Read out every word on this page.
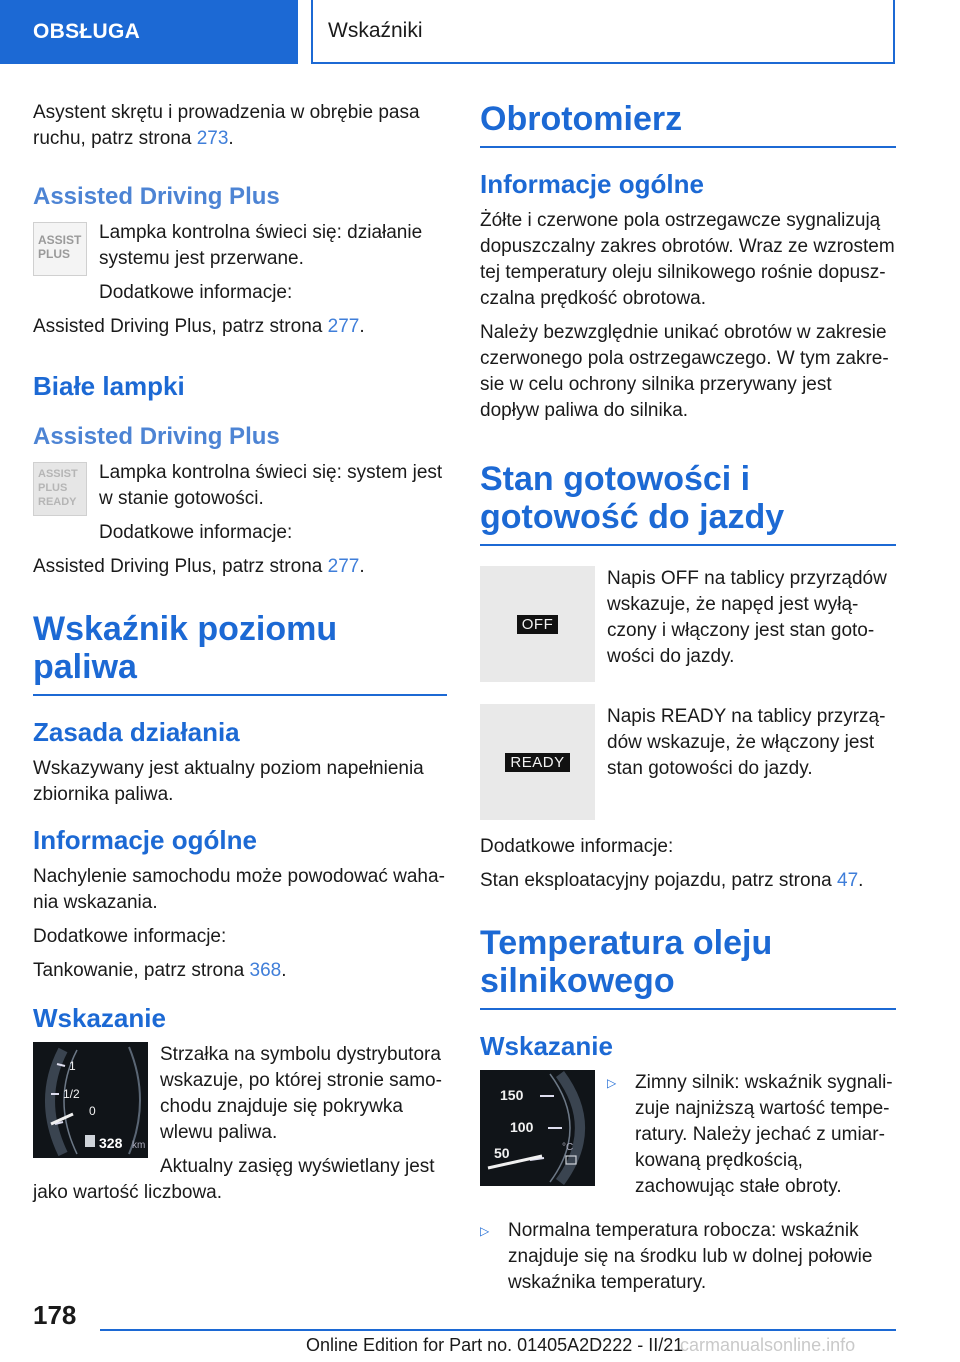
OBSŁUGA	Wskaźniki

Asystent skrętu i prowadzenia w obrębie pasa ruchu, patrz strona 273.

Assisted Driving Plus
ASSIST PLUS

Lampka kontrolna świeci się: działanie systemu jest przerwane.

Dodatkowe informacje:

Assisted Driving Plus, patrz strona 277.

Białe lampki
Assisted Driving Plus
ASSIST PLUS READY

Lampka kontrolna świeci się: system jest w stanie gotowości.

Dodatkowe informacje:

Assisted Driving Plus, patrz strona 277.

Wskaźnik poziomu paliwa
Zasada działania

Wskazywany jest aktualny poziom napełnienia zbiornika paliwa.

Informacje ogólne

Nachylenie samochodu może powodować wahania wskazania.

Dodatkowe informacje:

Tankowanie, patrz strona 368.

Wskazanie
1
1/2
0
328 km

Strzałka na symbolu dystrybutora wskazuje, po której stronie samochodu znajduje się pokrywka wlewu paliwa.

Aktualny zasięg wyświetlany jest

jako wartość liczbowa.

Obrotomierz
Informacje ogólne

Żółte i czerwone pola ostrzegawcze sygnalizują dopuszczalny zakres obrotów. Wraz ze wzrostem tej temperatury oleju silnikowego rośnie dopuszczalna prędkość obrotowa.

Należy bezwzględnie unikać obrotów w zakresie czerwonego pola ostrzegawczego. W tym zakresie w celu ochrony silnika przerywany jest dopływ paliwa do silnika.

Stan gotowości i gotowość do jazdy
OFF

Napis OFF na tablicy przyrządów wskazuje, że napęd jest wyłączony i włączony jest stan gotowości do jazdy.

READY

Napis READY na tablicy przyrządów wskazuje, że włączony jest stan gotowości do jazdy.

Dodatkowe informacje:

Stan eksploatacyjny pojazdu, patrz strona 47.

Temperatura oleju silnikowego
Wskazanie
150
100
50	°C
▷ Zimny silnik: wskaźnik sygnalizuje najniższą wartość temperatury. Należy jechać z umiarkowaną prędkością, zachowując stałe obroty.

▷ Normalna temperatura robocza: wskaźnik znajduje się na środku lub w dolnej połowie wskaźnika temperatury.

178
Online Edition for Part no. 01405A2D222 - II/21
carmanualsonline.info
